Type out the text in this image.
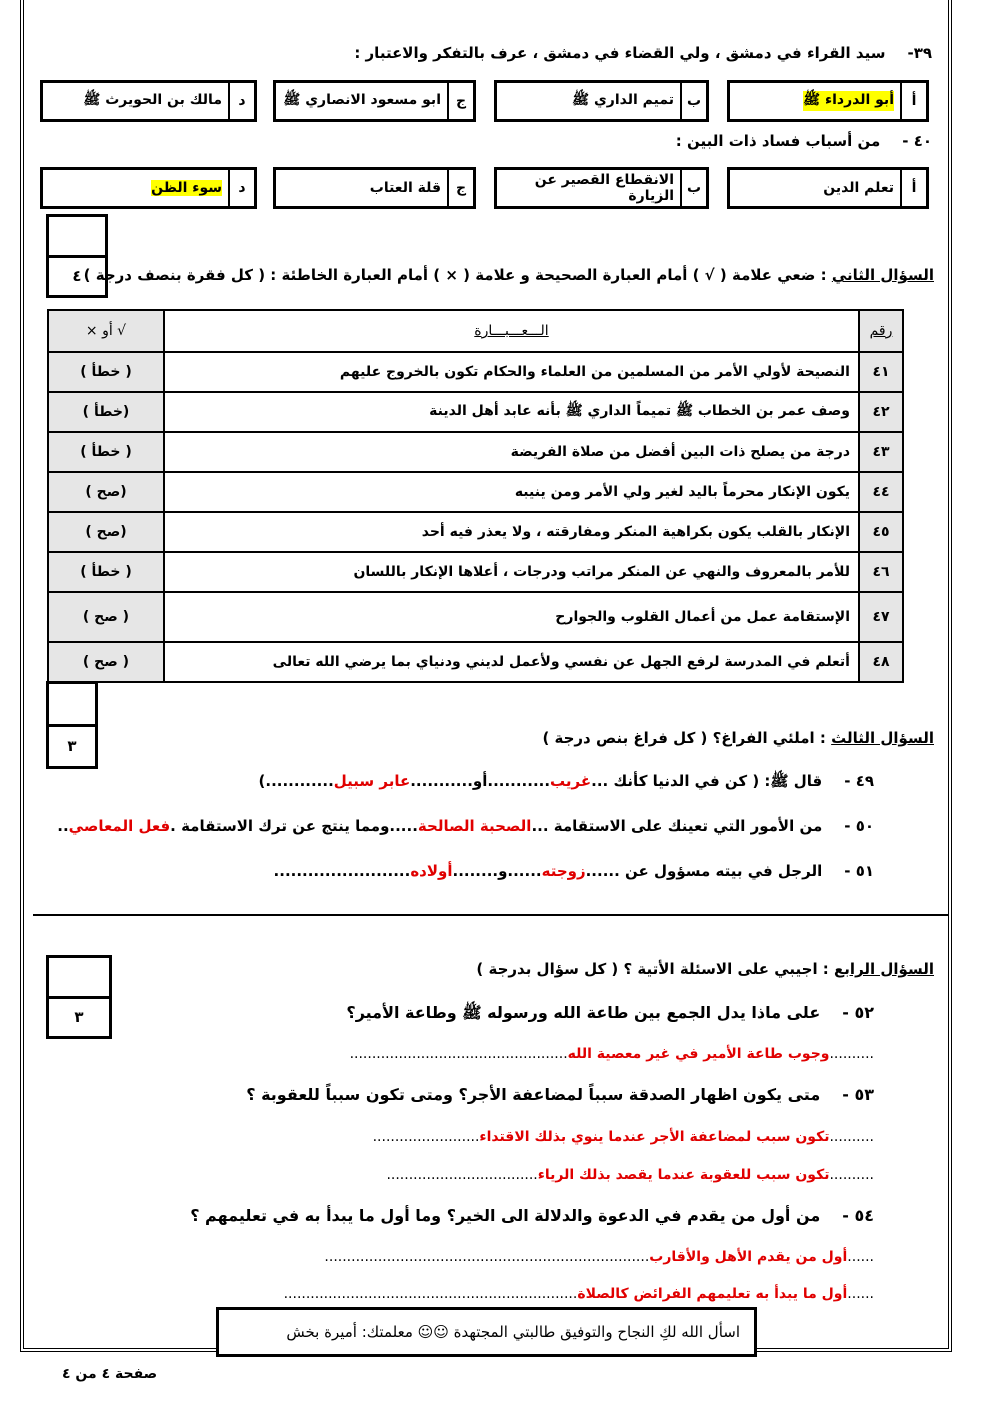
٣٩-سيد القراء في دمشق ، ولي القضاء في دمشق ، عرف بالتفكر والاعتبار :
أ
أبو الدرداء ﷺ
ب
تميم الداري ﷺ
ج
ابو مسعود الانصاري ﷺ
د
مالك بن الحويرث ﷺ
٤٠ -من أسباب فساد ذات البين :
أ
تعلم الدين
ب
الانقطاع القصير عن الزيارة
ج
قلة العتاب
د
سوء الظن
٤	السؤال الثاني : ضعي علامة ( √ ) أمام العبارة الصحيحة و علامة ( × ) أمام العبارة الخاطئة : ( كل فقرة بنصف درجة )
رقم	الـــعـــبـــارة	√ أو ×
٤١	النصيحة لأولي الأمر من المسلمين من العلماء والحكام تكون بالخروج عليهم	( خطأ )
٤٢	وصف عمر بن الخطاب ﷺ تميماً الداري ﷺ بأنه عابد أهل الدينة	(خطأ )
٤٣	درجة من يصلح ذات البين أفضل من صلاة الفريضة	( خطأ )
٤٤	يكون الإنكار محرماً باليد لغير ولي الأمر ومن ينيبه	(صح )
٤٥	الإنكار بالقلب يكون بكراهية المنكر ومفارقته ، ولا يعذر فيه أحد	(صح )
٤٦	للأمر بالمعروف والنهي عن المنكر مراتب ودرجات ، أعلاها الإنكار باللسان	( خطأ )
٤٧	الإستقامة عمل من أعمال القلوب والجوارح	( صح )
٤٨	أتعلم في المدرسة لرفع الجهل عن نفسي ولأعمل لديني ودنياي بما يرضي الله تعالى	( صح )
٣	السؤال الثالث : املئي الفراغ؟ ( كل فراغ بنص درجة )
٤٩ -قال ﷺ: ( كن في الدنيا كأنك ...غريب...........أو...........عابر سبيل............)
٥٠ -من الأمور التي تعينك على الاستقامة ...الصحبة الصالحة.....ومما ينتج عن ترك الاستقامة .فعل المعاصي..
٥١ -الرجل في بيته مسؤول عن ......زوجته......و........أولاده........................
٣
السؤال الرابع : اجيبي على الاسئلة الأتية ؟ ( كل سؤال بدرجة )
٥٢ -على ماذا يدل الجمع بين طاعة الله ورسوله ﷺ وطاعة الأمير؟
..........وجوب طاعة الأمير في غير معصية الله.................................................
٥٣ -متى يكون اظهار الصدقة سبباً لمضاعفة الأجر؟ ومتى تكون سبباً للعقوبة ؟
..........تكون سبب لمضاعفة الأجر عندما ينوي بذلك الاقتداء........................
..........تكون سبب للعقوبة عندما يقصد بذلك الرياء..................................
٥٤ -من أول من يقدم في الدعوة والدلالة الى الخير؟ وما أول ما يبدأ به في تعليمهم ؟
......أول من يقدم الأهل والأقارب.........................................................................
......أول ما يبدأ به تعليمهم الفرائض كالصلاة..................................................................
اسأل الله لكِ النجاح والتوفيق طالبتي المجتهدة ☺☺ معلمتك: أميرة بخش
صفحة ٤ من ٤
